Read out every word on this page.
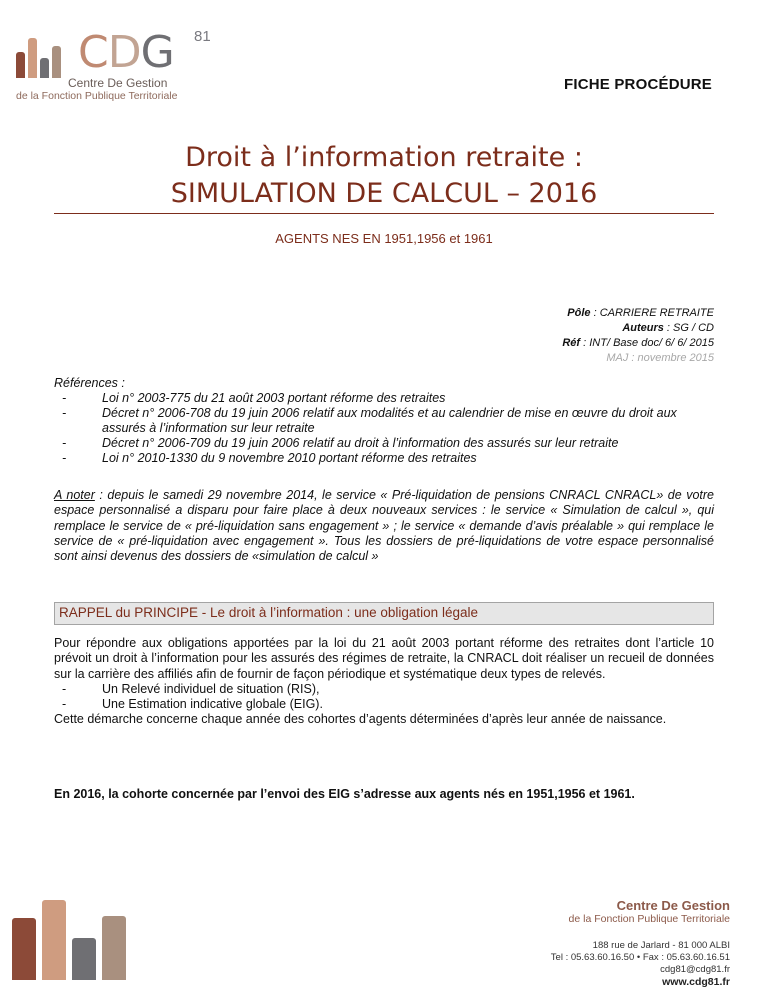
CDG 81
Centre De Gestion
de la Fonction Publique Territoriale
FICHE PROCÉDURE
Droit à l’information retraite :
SIMULATION DE CALCUL – 2016
AGENTS NES EN 1951,1956 et 1961
Pôle : CARRIERE RETRAITE
Auteurs : SG / CD
Réf : INT/ Base doc/ 6/ 6/ 2015
MAJ : novembre 2015
Références :
- Loi n° 2003-775 du 21 août 2003 portant réforme des retraites
- Décret n° 2006-708 du 19 juin 2006 relatif aux modalités et au calendrier de mise en œuvre du droit aux assurés à l’information sur leur retraite
- Décret n° 2006-709 du 19 juin 2006 relatif au droit à l’information des assurés sur leur retraite
- Loi n° 2010-1330 du 9 novembre 2010 portant réforme des retraites
A noter : depuis le samedi 29 novembre 2014, le service « Pré-liquidation de pensions CNRACL CNRACL» de votre espace personnalisé a disparu pour faire place à deux nouveaux services : le service « Simulation de calcul », qui remplace le service de « pré-liquidation sans engagement » ; le service « demande d’avis préalable » qui remplace le service de « pré-liquidation avec engagement ». Tous les dossiers de pré-liquidations de votre espace personnalisé sont ainsi devenus des dossiers de «simulation de calcul »
RAPPEL du PRINCIPE - Le droit à l’information : une obligation légale
Pour répondre aux obligations apportées par la loi du 21 août 2003 portant réforme des retraites dont l’article 10 prévoit un droit à l’information pour les assurés des régimes de retraite, la CNRACL doit réaliser un recueil de données sur la carrière des affiliés afin de fournir de façon périodique et systématique deux types de relevés.
- Un Relevé individuel de situation (RIS),
- Une Estimation indicative globale (EIG).
Cette démarche concerne chaque année des cohortes d’agents déterminées d’après leur année de naissance.
En 2016, la cohorte concernée par l’envoi des EIG s’adresse aux agents nés en 1951,1956 et 1961.
Centre De Gestion
de la Fonction Publique Territoriale
188 rue de Jarlard - 81 000 ALBI
Tel : 05.63.60.16.50 • Fax : 05.63.60.16.51
cdg81@cdg81.fr
www.cdg81.fr
